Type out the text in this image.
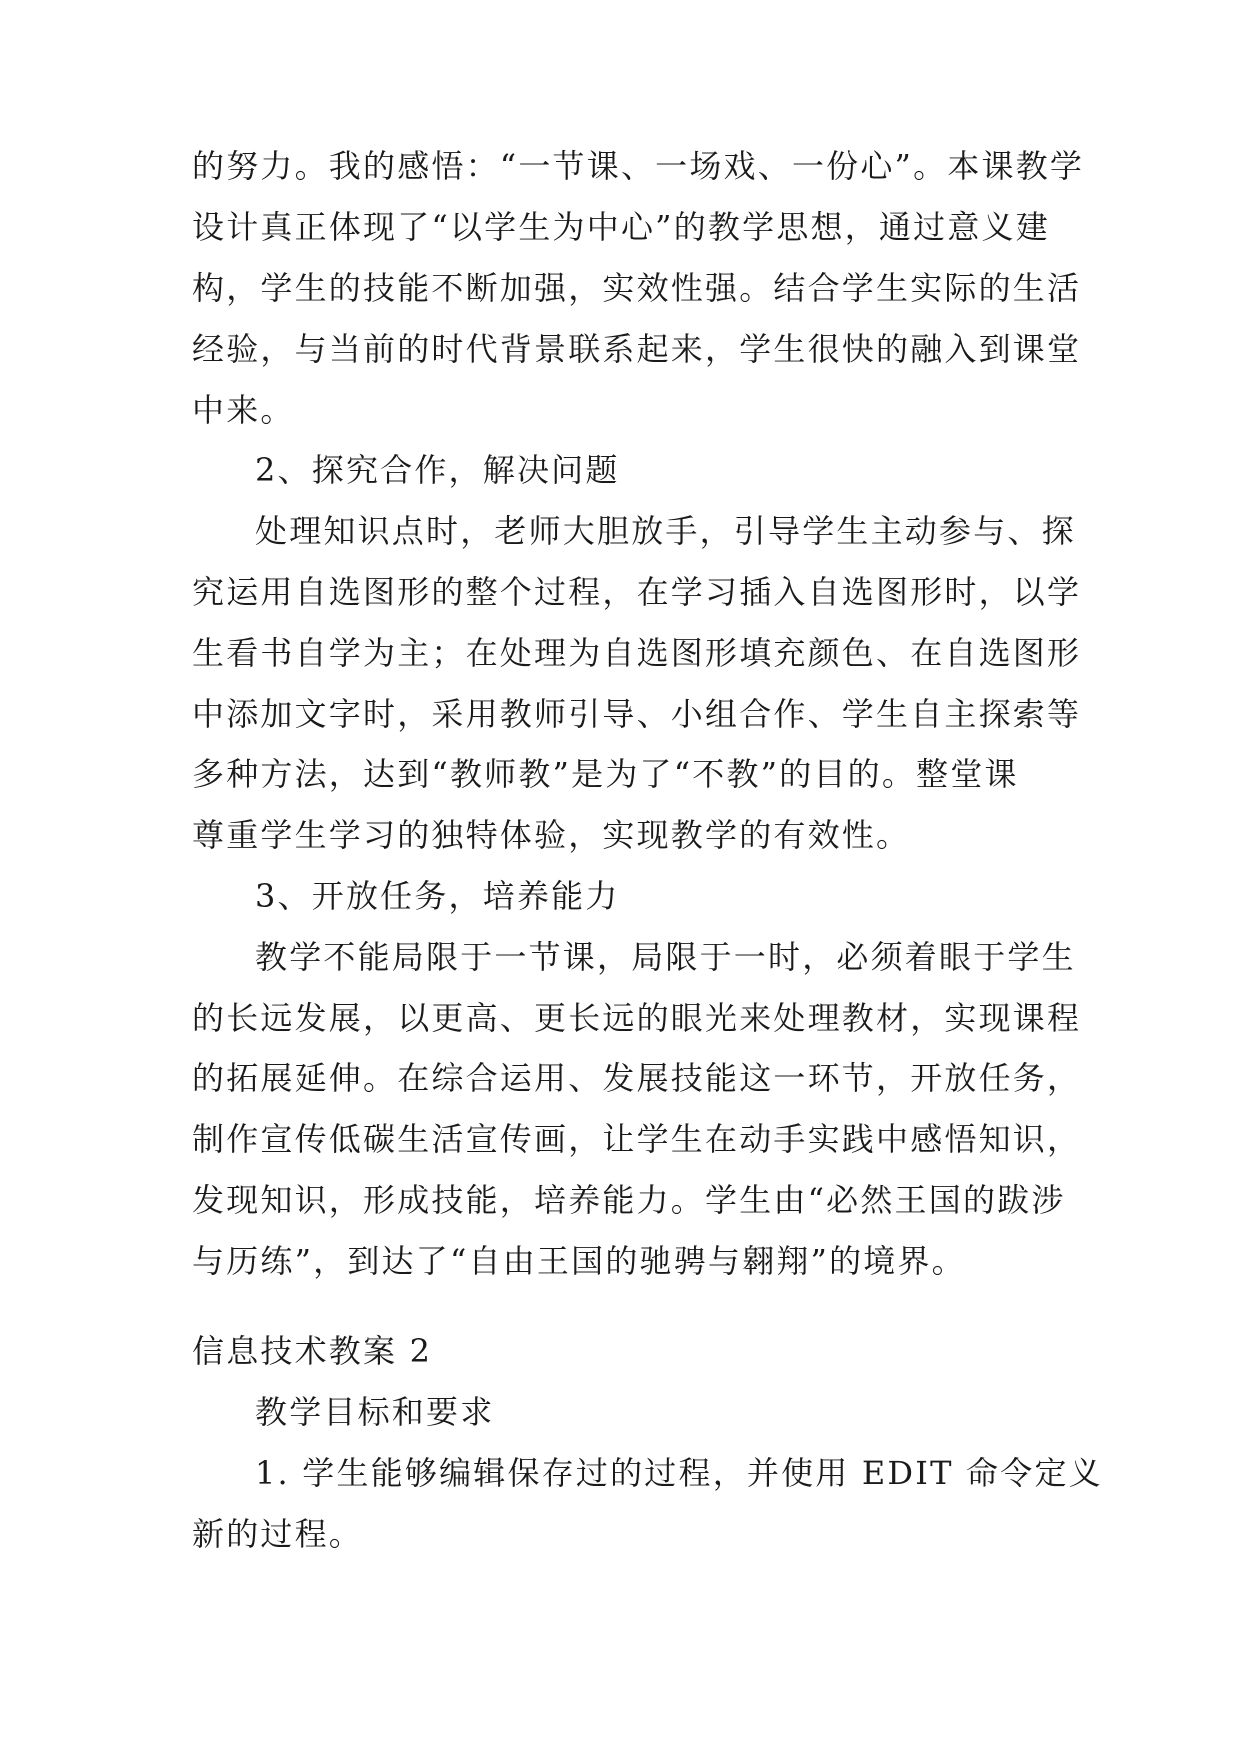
的努力。我的感悟：“一节课、一场戏、一份心”。本课教学
设计真正体现了“以学生为中心”的教学思想，通过意义建
构，学生的技能不断加强，实效性强。结合学生实际的生活
经验，与当前的时代背景联系起来，学生很快的融入到课堂
中来。
2、探究合作，解决问题
处理知识点时，老师大胆放手，引导学生主动参与、探
究运用自选图形的整个过程，在学习插入自选图形时，以学
生看书自学为主；在处理为自选图形填充颜色、在自选图形
中添加文字时，采用教师引导、小组合作、学生自主探索等
多种方法，达到“教师教”是为了“不教”的目的。整堂课
尊重学生学习的独特体验，实现教学的有效性。
3、开放任务，培养能力
教学不能局限于一节课，局限于一时，必须着眼于学生
的长远发展，以更高、更长远的眼光来处理教材，实现课程
的拓展延伸。在综合运用、发展技能这一环节，开放任务，
制作宣传低碳生活宣传画，让学生在动手实践中感悟知识，
发现知识，形成技能，培养能力。学生由“必然王国的跋涉
与历练”，到达了“自由王国的驰骋与翱翔”的境界。
信息技术教案 2
教学目标和要求
1. 学生能够编辑保存过的过程，并使用 EDIT 命令定义
新的过程。
